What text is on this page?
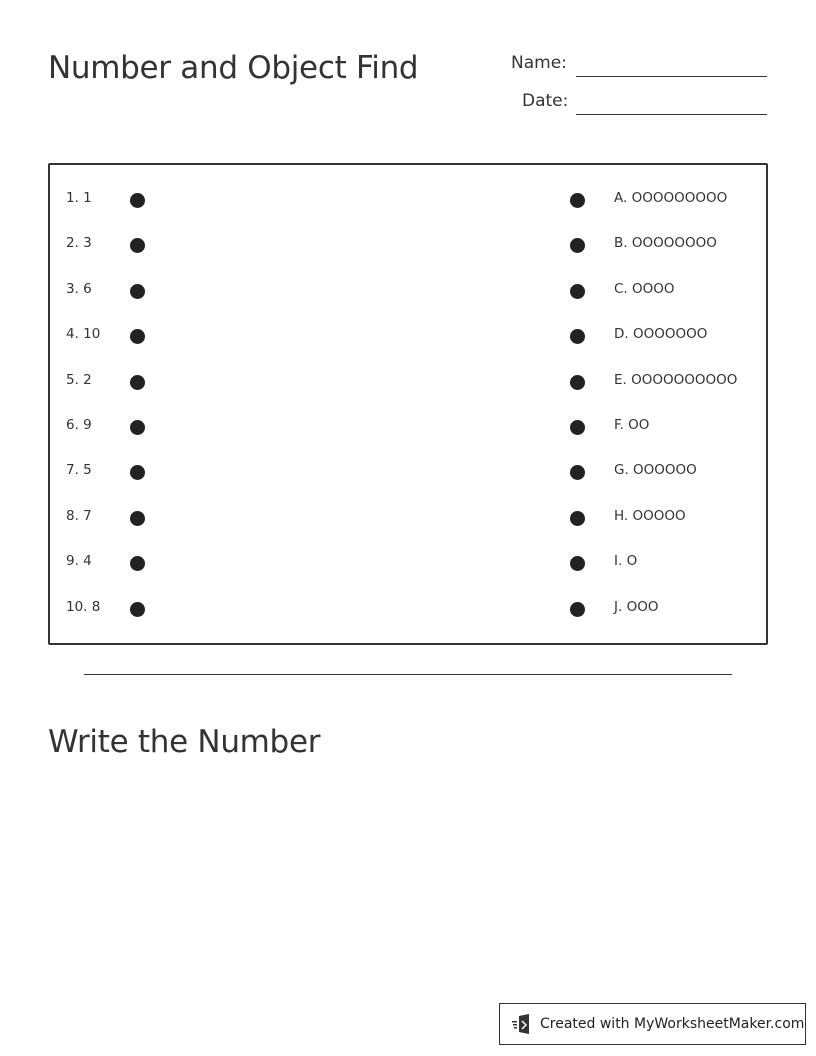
Number and Object Find	Name:
Date:
Write the Number
Created with MyWorksheetMaker.com
1. 1	A. OOOOOOOOO
2. 3	B. OOOOOOOO
3. 6	C. OOOO
4. 10	D. OOOOOOO
5. 2	E. OOOOOOOOOO
6. 9	F. OO
7. 5	G. OOOOOO
8. 7	H. OOOOO
9. 4	I. O
10. 8	J. OOO
